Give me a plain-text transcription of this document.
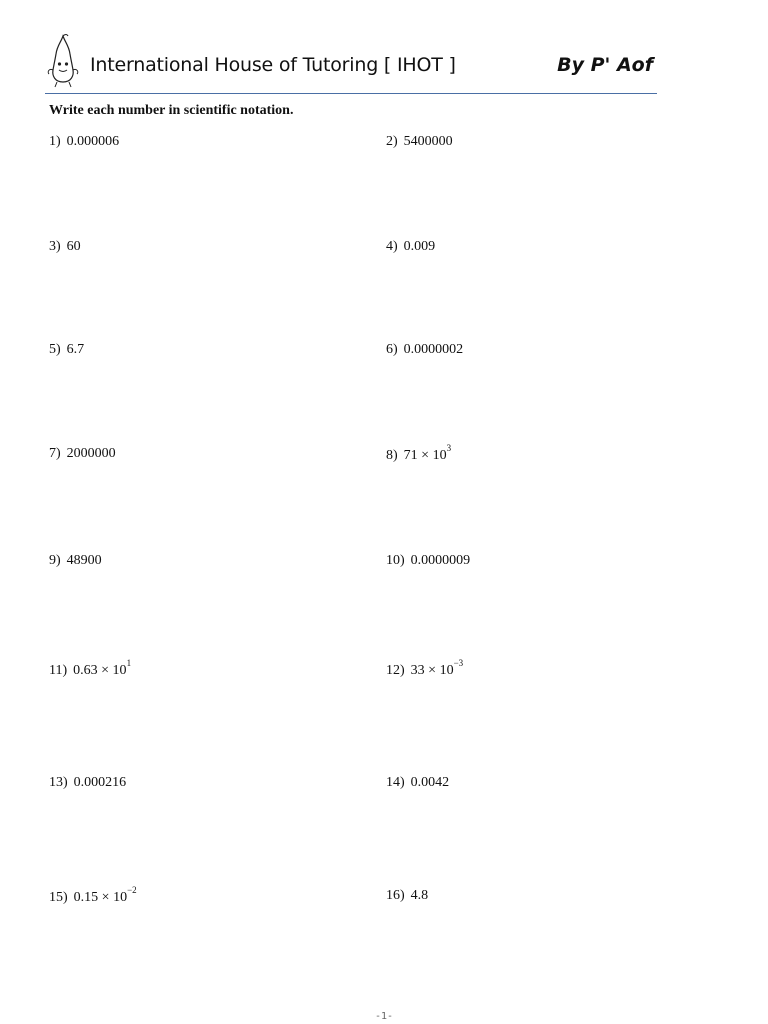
International House of Tutoring [ IHOT ]	By P' Aof
Write each number in scientific notation.
1) 0.000006	2) 5400000
3) 60	4) 0.009
5) 6.7	6) 0.0000002
7) 2000000	8) $71 \times 10^3$
9) 48900	10) 0.0000009
11) $0.63 \times 10^1$	12) $33 \times 10^{-3}$
13) 0.000216	14) 0.0042
15) $0.15 \times 10^{-2}$	16) 4.8
-1-
